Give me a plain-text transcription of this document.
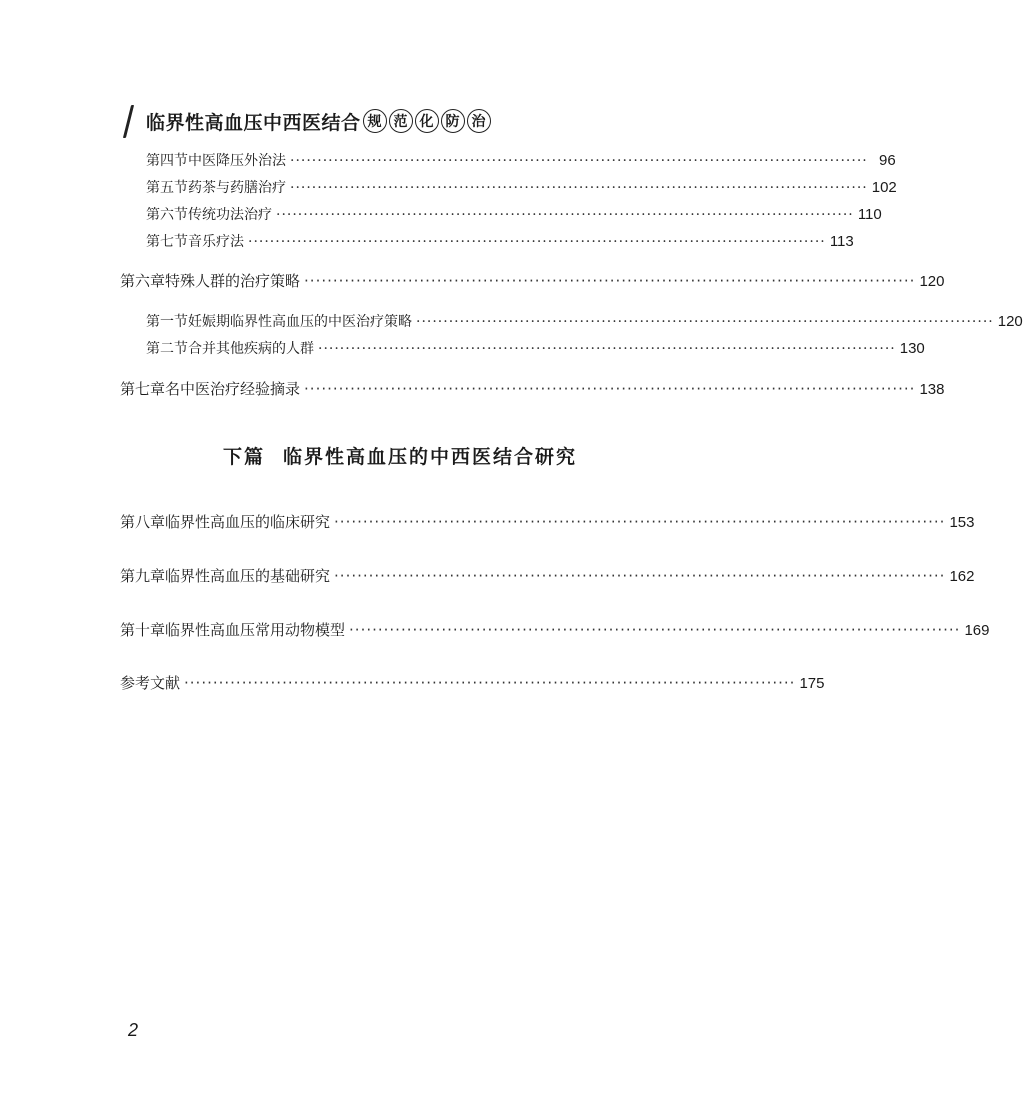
临界性高血压中西医结合 规 范 化 防 治
第四节 中医降压外治法 ·········································································································· 96
第五节 药茶与药膳治疗 ·········································································································· 102
第六节 传统功法治疗 ·········································································································· 110
第七节 音乐疗法 ·········································································································· 113
第六章 特殊人群的治疗策略 ·········································································································· 120
第一节 妊娠期临界性高血压的中医治疗策略 ·········································································································· 120
第二节 合并其他疾病的人群 ·········································································································· 130
第七章 名中医治疗经验摘录 ·········································································································· 138
下篇 临界性高血压的中西医结合研究
第八章 临界性高血压的临床研究 ·········································································································· 153
第九章 临界性高血压的基础研究 ·········································································································· 162
第十章 临界性高血压常用动物模型 ·········································································································· 169
参考文献 ·········································································································· 175
2
